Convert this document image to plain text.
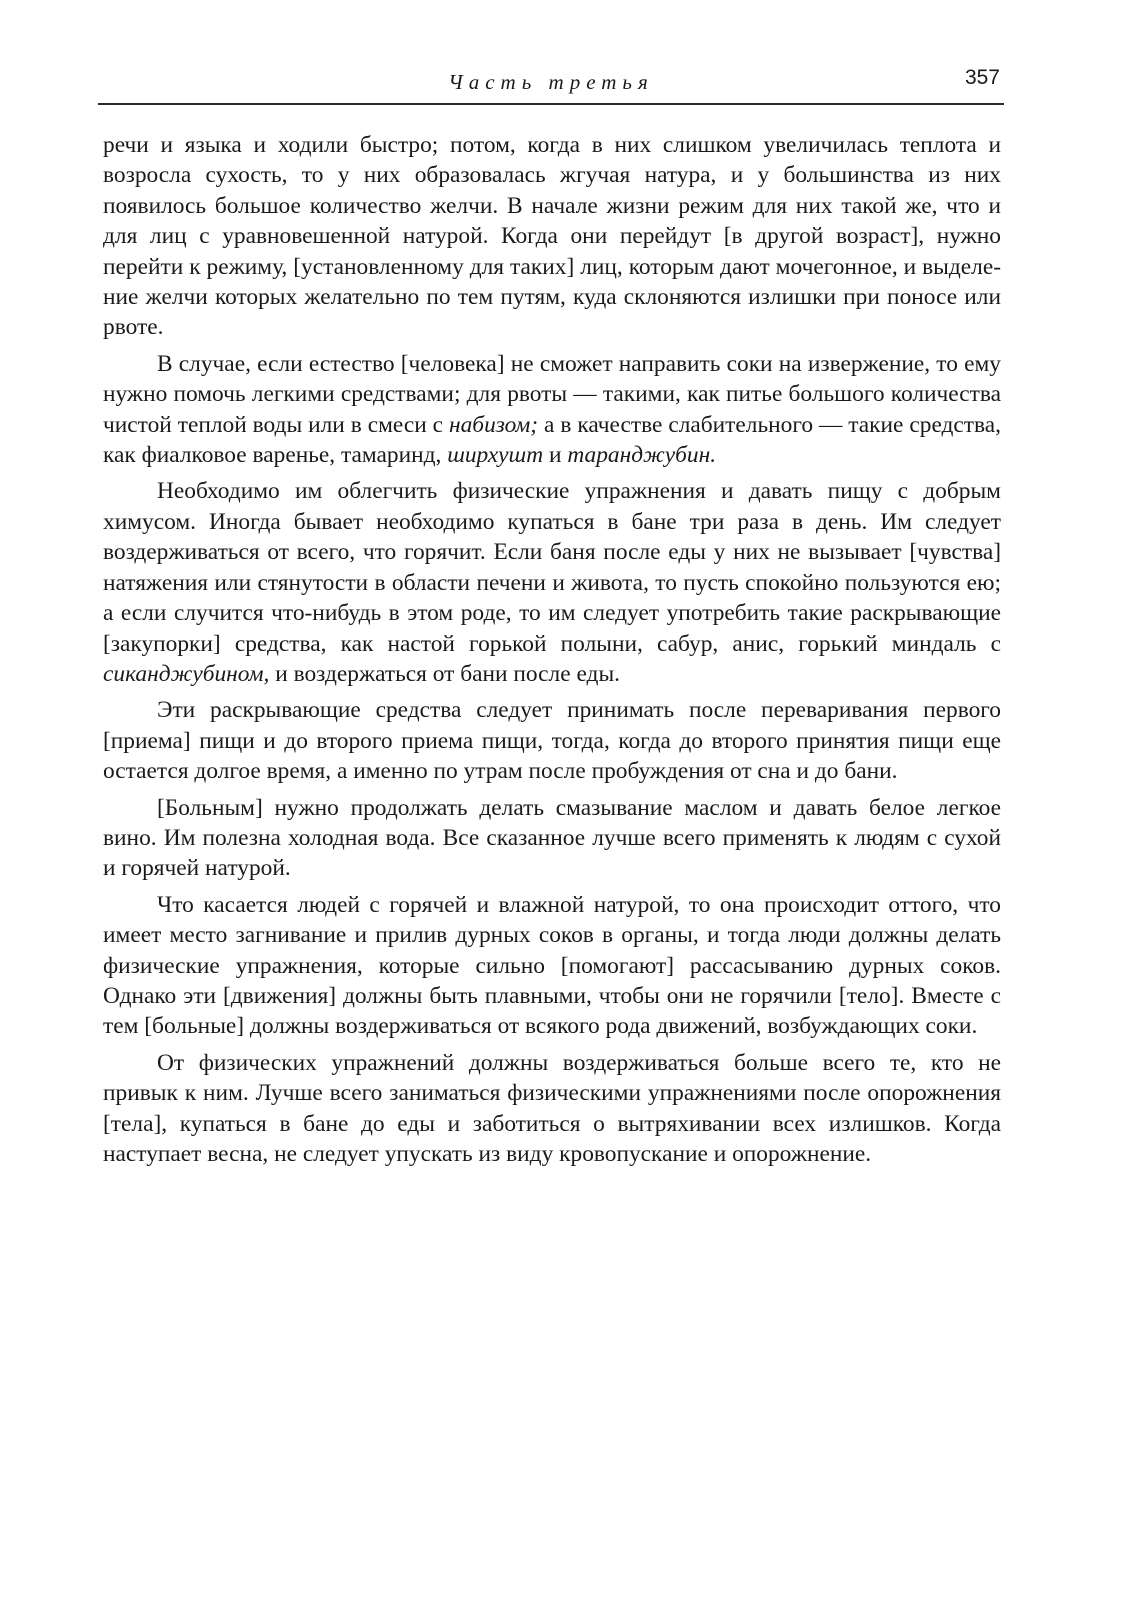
Часть третья	357

речи и языка и ходили быстро; потом, когда в них слишком увеличилась теплота и возросла сухость, то у них образовалась жгучая натура, и у большинства из них появилось большое количество желчи. В начале жизни режим для них такой же, что и для лиц с уравновешенной натурой. Когда они перейдут [в другой возраст], нужно перейти к режиму, [установленному для таких] лиц, которым дают мочегонное, и выделение желчи которых желательно по тем путям, куда склоняются излишки при поносе или рвоте.

В случае, если естество [человека] не сможет направить соки на извержение, то ему нужно помочь легкими средствами; для рвоты — такими, как питье большого количества чистой теплой воды или в смеси с набизом; а в качестве слабительного — такие средства, как фиалковое варенье, тамаринд, ширхушт и таранджубин.

Необходимо им облегчить физические упражнения и давать пищу с добрым химусом. Иногда бывает необходимо купаться в бане три раза в день. Им следует воздерживаться от всего, что горячит. Если баня после еды у них не вызывает [чувства] натяжения или стянутости в области печени и живота, то пусть спокойно пользуются ею; а если случится что-нибудь в этом роде, то им следует употребить такие раскрывающие [закупорки] средства, как настой горькой полыни, сабур, анис, горький миндаль с сиканджубином, и воздержаться от бани после еды.

Эти раскрывающие средства следует принимать после переваривания первого [приема] пищи и до второго приема пищи, тогда, когда до второго принятия пищи еще остается долгое время, а именно по утрам после пробуждения от сна и до бани.

[Больным] нужно продолжать делать смазывание маслом и давать белое легкое вино. Им полезна холодная вода. Все сказанное лучше всего применять к людям с сухой и горячей натурой.

Что касается людей с горячей и влажной натурой, то она происходит оттого, что имеет место загнивание и прилив дурных соков в органы, и тогда люди должны делать физические упражнения, которые сильно [помогают] рассасыванию дурных соков. Однако эти [движения] должны быть плавными, чтобы они не горячили [тело]. Вместе с тем [больные] должны воздерживаться от всякого рода движений, возбуждающих соки.

От физических упражнений должны воздерживаться больше всего те, кто не привык к ним. Лучше всего заниматься физическими упражнениями после опорожнения [тела], купаться в бане до еды и заботиться о вытряхивании всех излишков. Когда наступает весна, не следует упускать из виду кровопускание и опорожнение.
